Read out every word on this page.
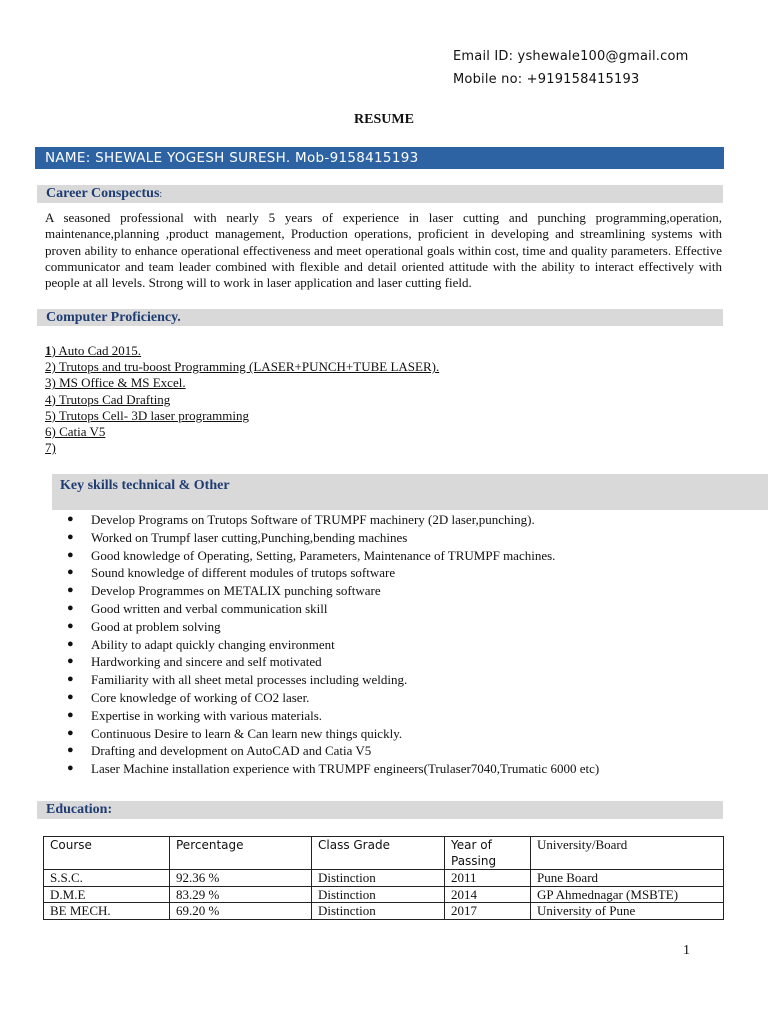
Email ID: yshewale100@gmail.com
Mobile no: +919158415193
RESUME
NAME: SHEWALE YOGESH SURESH. Mob-9158415193
Career Conspectus:
A seasoned professional with nearly 5 years of experience in laser cutting and punching programming,operation, maintenance,planning ,product management, Production operations, proficient in developing and streamlining systems with proven ability to enhance operational effectiveness and meet operational goals within cost, time and quality parameters. Effective communicator and team leader combined with flexible and detail oriented attitude with the ability to interact effectively with people at all levels. Strong will to work in laser application and laser cutting field.
Computer Proficiency.
1) Auto Cad 2015.
2) Trutops and tru-boost Programming (LASER+PUNCH+TUBE LASER).
3) MS Office & MS Excel.
4) Trutops Cad Drafting
5) Trutops Cell- 3D laser programming
6) Catia V5
7)
Key skills technical & Other
● Develop Programs on Trutops Software of TRUMPF machinery (2D laser,punching).
● Worked on Trumpf laser cutting,Punching,bending machines
● Good knowledge of Operating, Setting, Parameters, Maintenance of TRUMPF machines.
● Sound knowledge of different modules of trutops software
● Develop Programmes on METALIX punching software
● Good written and verbal communication skill
● Good at problem solving
● Ability to adapt quickly changing environment
● Hardworking and sincere and self motivated
● Familiarity with all sheet metal processes including welding.
● Core knowledge of working of CO2 laser.
● Expertise in working with various materials.
● Continuous Desire to learn & Can learn new things quickly.
● Drafting and development on AutoCAD and Catia V5
● Laser Machine installation experience with TRUMPF engineers(Trulaser7040,Trumatic 6000 etc)
Education:
Course	Percentage	Class Grade	Year of Passing	University/Board
S.S.C.	92.36 %	Distinction	2011	Pune Board
D.M.E	83.29 %	Distinction	2014	GP Ahmednagar (MSBTE)
BE MECH.	69.20 %	Distinction	2017	University of Pune
1
